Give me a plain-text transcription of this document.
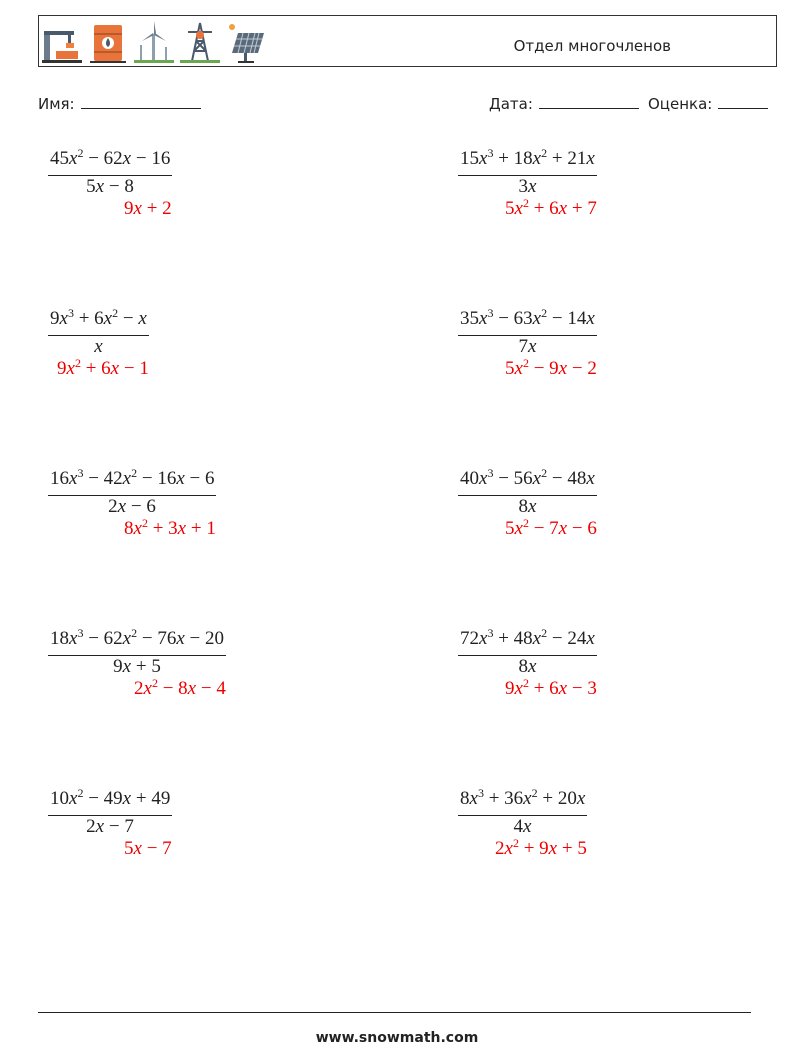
Отдел многочленов
Имя:	Дата:	Оценка:
$45x^2 - 62x - 16$
5x − 8
9x + 2
$15x^3 + 18x^2 + 21x$
3x
$5x^2 + 6x + 7$
$9x^3 + 6x^2 - x$
x
$9x^2 + 6x - 1$
$35x^3 - 63x^2 - 14x$
7x
$5x^2 - 9x - 2$
$16x^3 - 42x^2 - 16x - 6$
2x − 6
$8x^2 + 3x + 1$
$40x^3 - 56x^2 - 48x$
8x
$5x^2 - 7x - 6$
$18x^3 - 62x^2 - 76x - 20$
9x + 5
$2x^2 - 8x - 4$
$72x^3 + 48x^2 - 24x$
8x
$9x^2 + 6x - 3$
$10x^2 - 49x + 49$
2x − 7
5x − 7
$8x^3 + 36x^2 + 20x$
4x
$2x^2 + 9x + 5$
www.snowmath.com
